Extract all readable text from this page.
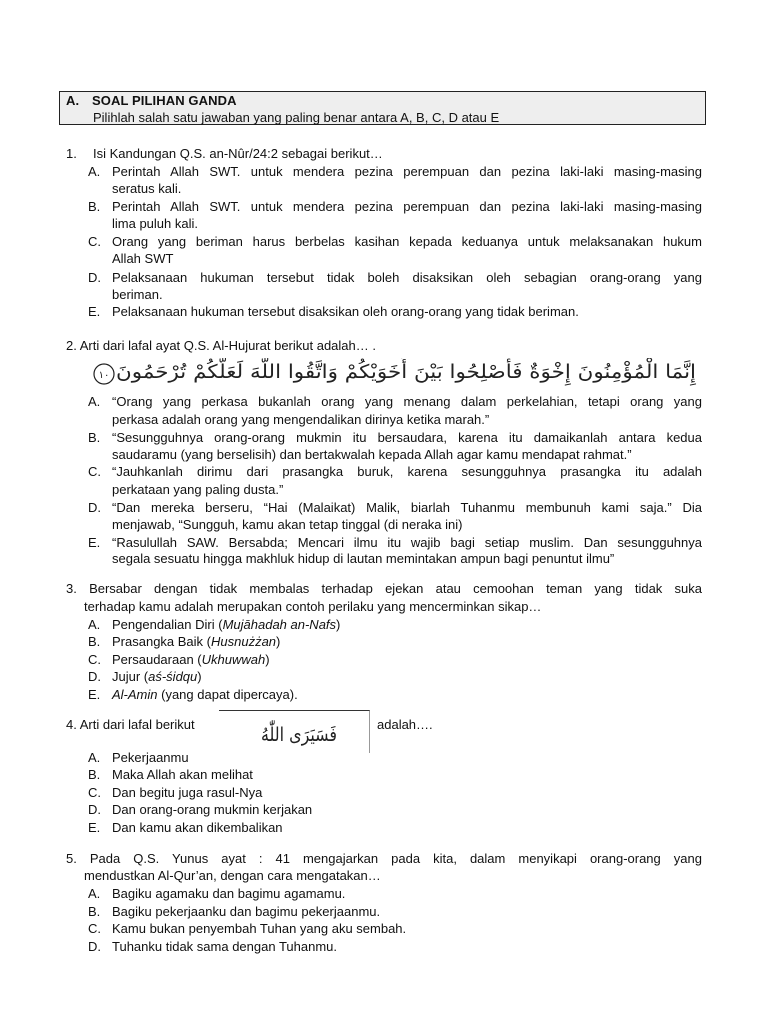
A. SOAL PILIHAN GANDA
Pilihlah salah satu jawaban yang paling benar antara A, B, C, D atau E
1. Isi Kandungan Q.S. an-Nûr/24:2 sebagai berikut…
A. Perintah Allah SWT. untuk mendera pezina perempuan dan pezina laki-laki masing-masing
seratus kali.
B. Perintah Allah SWT. untuk mendera pezina perempuan dan pezina laki-laki masing-masing
lima puluh kali.
C. Orang yang beriman harus berbelas kasihan kepada keduanya untuk melaksanakan hukum
Allah SWT
D. Pelaksanaan hukuman tersebut tidak boleh disaksikan oleh sebagian orang-orang yang
beriman.
E. Pelaksanaan hukuman tersebut disaksikan oleh orang-orang yang tidak beriman.
2. Arti dari lafal ayat Q.S. Al-Hujurat berikut adalah… .
١٠ إِنَّمَا الْمُؤْمِنُونَ إِخْوَةٌ فَأَصْلِحُوا بَيْنَ أَخَوَيْكُمْ وَاتَّقُوا اللَّهَ لَعَلَّكُمْ تُرْحَمُونَ
A. “Orang yang perkasa bukanlah orang yang menang dalam perkelahian, tetapi orang yang
perkasa adalah orang yang mengendalikan dirinya ketika marah.”
B. “Sesungguhnya orang-orang mukmin itu bersaudara, karena itu damaikanlah antara kedua
saudaramu (yang berselisih) dan bertakwalah kepada Allah agar kamu mendapat rahmat.”
C. “Jauhkanlah dirimu dari prasangka buruk, karena sesungguhnya prasangka itu adalah
perkataan yang paling dusta.”
D. “Dan mereka berseru, “Hai (Malaikat) Malik, biarlah Tuhanmu membunuh kami saja.” Dia
menjawab, “Sungguh, kamu akan tetap tinggal (di neraka ini)
E. “Rasulullah SAW. Bersabda; Mencari ilmu itu wajib bagi setiap muslim. Dan sesungguhnya
segala sesuatu hingga makhluk hidup di lautan memintakan ampun bagi penuntut ilmu”
3. Bersabar dengan tidak membalas terhadap ejekan atau cemoohan teman yang tidak suka
terhadap kamu adalah merupakan contoh perilaku yang mencerminkan sikap…
A. Pengendalian Diri (Mujāhadah an-Nafs)
B. Prasangka Baik (Husnużżan)
C. Persaudaraan (Ukhuwwah)
D. Jujur (aś-śidqu)
E. Al-Amin (yang dapat dipercaya).
4. Arti dari lafal berikut	فَسَيَرَى اللّٰهُ adalah….
A. Pekerjaanmu
B. Maka Allah akan melihat
C. Dan begitu juga rasul-Nya
D. Dan orang-orang mukmin kerjakan
E. Dan kamu akan dikembalikan
5. Pada Q.S. Yunus ayat : 41 mengajarkan pada kita, dalam menyikapi orang-orang yang
mendustkan Al-Qur’an, dengan cara mengatakan…
A. Bagiku agamaku dan bagimu agamamu.
B. Bagiku pekerjaanku dan bagimu pekerjaanmu.
C. Kamu bukan penyembah Tuhan yang aku sembah.
D. Tuhanku tidak sama dengan Tuhanmu.
